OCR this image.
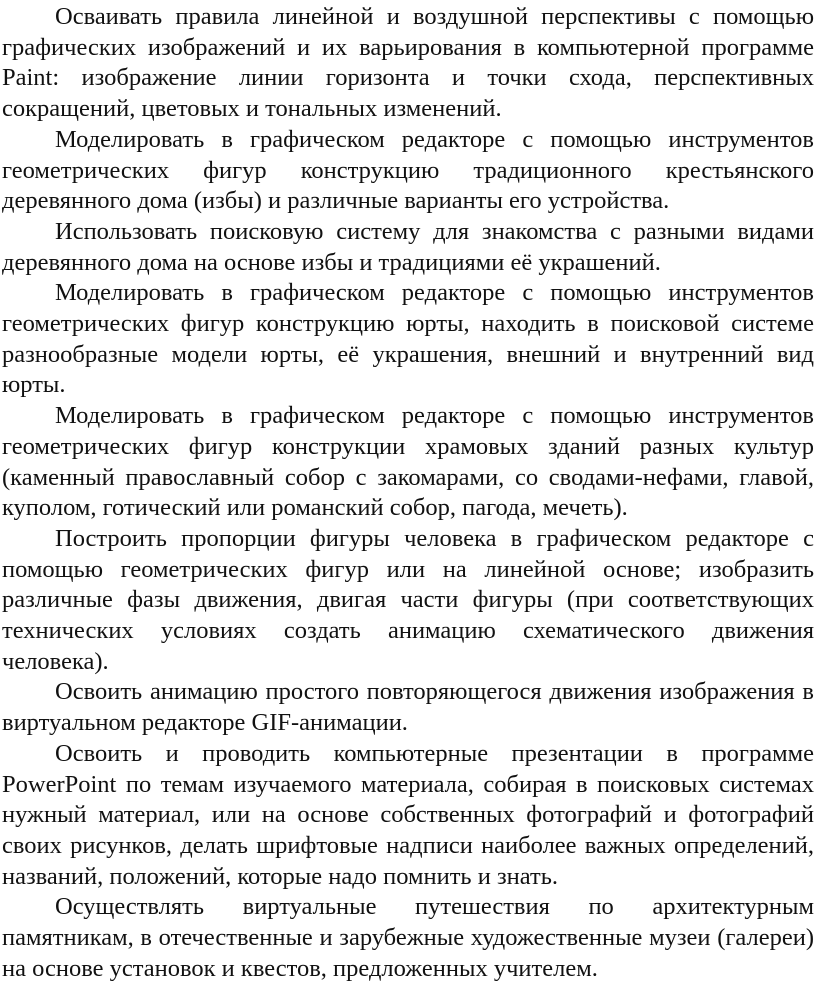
Осваивать правила линейной и воздушной перспективы с помощью графических изображений и их варьирования в компьютерной программе Paint: изображение линии горизонта и точки схода, перспективных сокращений, цветовых и тональных изменений.

Моделировать в графическом редакторе с помощью инструментов геометрических фигур конструкцию традиционного крестьянского деревянного дома (избы) и различные варианты его устройства.

Использовать поисковую систему для знакомства с разными видами деревянного дома на основе избы и традициями её украшений.

Моделировать в графическом редакторе с помощью инструментов геометрических фигур конструкцию юрты, находить в поисковой системе разнообразные модели юрты, её украшения, внешний и внутренний вид юрты.

Моделировать в графическом редакторе с помощью инструментов геометрических фигур конструкции храмовых зданий разных культур (каменный православный собор с закомарами, со сводами-нефами, главой, куполом, готический или романский собор, пагода, мечеть).

Построить пропорции фигуры человека в графическом редакторе с помощью геометрических фигур или на линейной основе; изобразить различные фазы движения, двигая части фигуры (при соответствующих технических условиях создать анимацию схематического движения человека).

Освоить анимацию простого повторяющегося движения изображения в виртуальном редакторе GIF-анимации.

Освоить и проводить компьютерные презентации в программе PowerPoint по темам изучаемого материала, собирая в поисковых системах нужный материал, или на основе собственных фотографий и фотографий своих рисунков, делать шрифтовые надписи наиболее важных определений, названий, положений, которые надо помнить и знать.

Осуществлять виртуальные путешествия по архитектурным памятникам, в отечественные и зарубежные художественные музеи (галереи) на основе установок и квестов, предложенных учителем.
